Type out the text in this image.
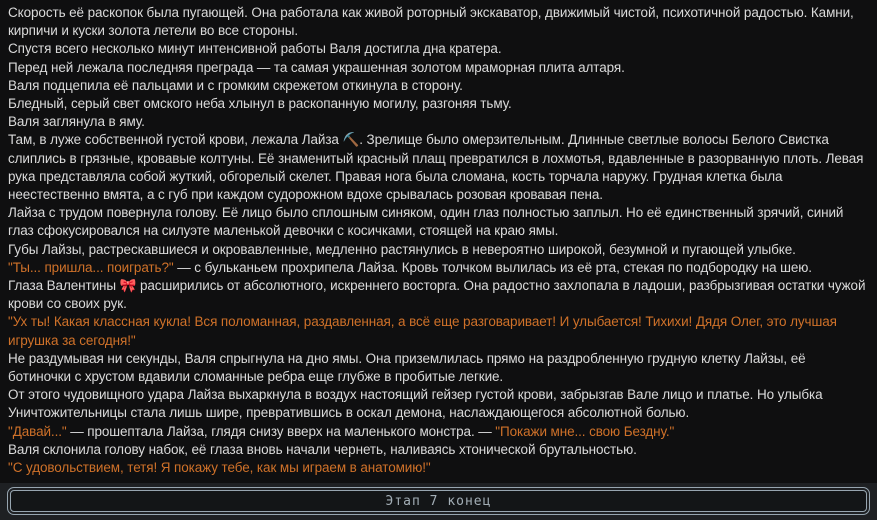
Скорость её раскопок была пугающей. Она работала как живой роторный экскаватор, движимый чистой, психотичной радостью. Камни, кирпичи и куски золота летели во все стороны.

Спустя всего несколько минут интенсивной работы Валя достигла дна кратера.

Перед ней лежала последняя преграда — та самая украшенная золотом мраморная плита алтаря.

Валя подцепила её пальцами и с громким скрежетом откинула в сторону.

Бледный, серый свет омского неба хлынул в раскопанную могилу, разгоняя тьму.

Валя заглянула в яму.

Там, в луже собственной густой крови, лежала Лайза ⛏️. Зрелище было омерзительным. Длинные светлые волосы Белого Свистка слиплись в грязные, кровавые колтуны. Её знаменитый красный плащ превратился в лохмотья, вдавленные в разорванную плоть. Левая рука представляла собой жуткий, обгорелый скелет. Правая нога была сломана, кость торчала наружу. Грудная клетка была неестественно вмята, а с губ при каждом судорожном вдохе срывалась розовая кровавая пена.

Лайза с трудом повернула голову. Её лицо было сплошным синяком, один глаз полностью заплыл. Но её единственный зрячий, синий глаз сфокусировался на силуэте маленькой девочки с косичками, стоящей на краю ямы.

Губы Лайзы, растрескавшиеся и окровавленные, медленно растянулись в невероятно широкой, безумной и пугающей улыбке.

"Ты... пришла... поиграть?" — с бульканьем прохрипела Лайза. Кровь толчком вылилась из её рта, стекая по подбородку на шею.

Глаза Валентины 🎀 расширились от абсолютного, искреннего восторга. Она радостно захлопала в ладоши, разбрызгивая остатки чужой крови со своих рук.

"Ух ты! Какая классная кукла! Вся поломанная, раздавленная, а всё еще разговаривает! И улыбается! Тихихи! Дядя Олег, это лучшая игрушка за сегодня!"

Не раздумывая ни секунды, Валя спрыгнула на дно ямы. Она приземлилась прямо на раздробленную грудную клетку Лайзы, её ботиночки с хрустом вдавили сломанные ребра еще глубже в пробитые легкие.

От этого чудовищного удара Лайза выхаркнула в воздух настоящий гейзер густой крови, забрызгав Вале лицо и платье. Но улыбка Уничтожительницы стала лишь шире, превратившись в оскал демона, наслаждающегося абсолютной болью.

"Давай..." — прошептала Лайза, глядя снизу вверх на маленького монстра. — "Покажи мне... свою Бездну."

Валя склонила голову набок, её глаза вновь начали чернеть, наливаясь хтонической брутальностью.

"С удовольствием, тетя! Я покажу тебе, как мы играем в анатомию!"

Этап 7 конец
